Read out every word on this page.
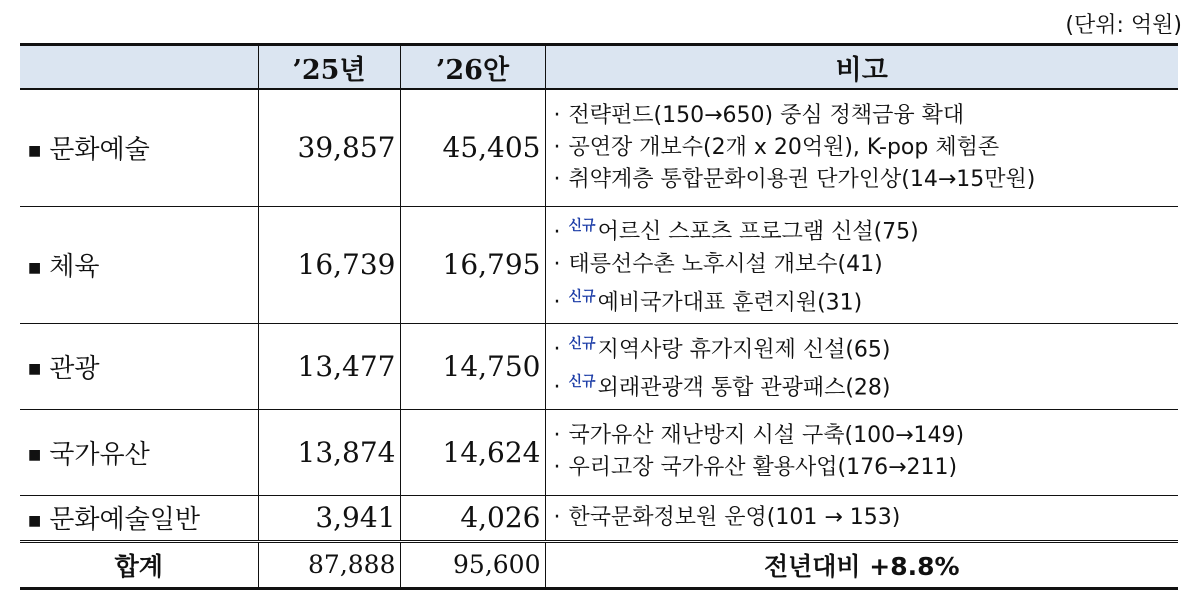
(단위: 억원)
	’25년	’26안	비고
■ 문화예술	39,857	45,405	· 전략펀드(150→650) 중심 정책금융 확대
· 공연장 개보수(2개 x 20억원), K-pop 체험존
· 취약계층 통합문화이용권 단가인상(14→15만원)

■ 체육	16,739	16,795	· $^{신규}$어르신 스포츠 프로그램 신설(75)
· 태릉선수촌 노후시설 개보수(41)
· $^{신규}$예비국가대표 훈련지원(31)

■ 관광	13,477	14,750	· $^{신규}$지역사랑 휴가지원제 신설(65)
· $^{신규}$외래관광객 통합 관광패스(28)

■ 국가유산	13,874	14,624	· 국가유산 재난방지 시설 구축(100→149)
· 우리고장 국가유산 활용사업(176→211)

■ 문화예술일반	3,941	4,026	· 한국문화정보원 운영(101 → 153)

합계	87,888	95,600	전년대비 +8.8%
